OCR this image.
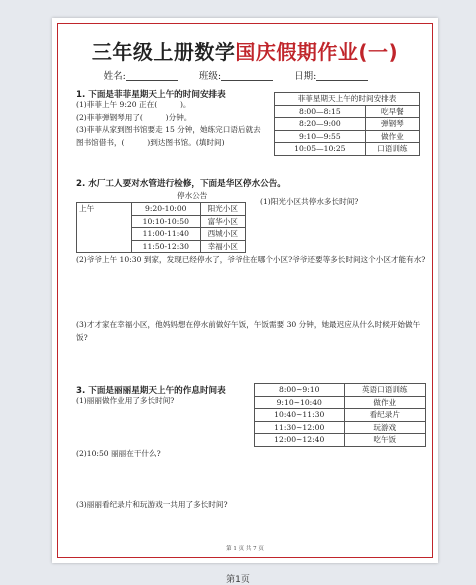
三年级上册数学国庆假期作业(一)
姓名:	班级:	日期:
1. 下面是菲菲星期天上午的时间安排表
(1)菲菲上午 9:20 正在(　　　)。
(2)菲菲弹钢琴用了(　　　)分钟。
(3)菲菲从家到图书馆要走 15 分钟，她练完口语后就去图书馆借书，(　　　)到达图书馆。(填时间)
菲菲星期天上午的时间安排表	
8:00—8:15	吃早餐
8:20—9:00	弹钢琴
9:10—9:55	做作业
10:05—10:25	口语训练
2. 水厂工人要对水管进行检修，下面是华区停水公告。
停水公告
上午	9:20-10:00	阳光小区
	10:10-10:50	富华小区
	11:00-11:40	西城小区
	11:50-12:30	幸福小区
(1)阳光小区共停水多长时间?
(2)爷爷上午 10:30 到家，发现已经停水了，爷爷住在哪个小区?爷爷还要等多长时间这个小区才能有水?
(3)才才家在幸福小区，他妈妈想在停水前做好午饭，午饭需要 30 分钟，她最迟应从什么时候开始做午饭?
3. 下面是丽丽星期天上午的作息时间表
(1)丽丽做作业用了多长时间?
8:00~9:10	英语口语训练
9:10~10:40	做作业
10:40~11:30	看纪录片
11:30~12:00	玩游戏
12:00~12:40	吃午饭
(2)10:50 丽丽在干什么?
(3)丽丽看纪录片和玩游戏一共用了多长时间?
第 1 页 共 7 页
第1页
